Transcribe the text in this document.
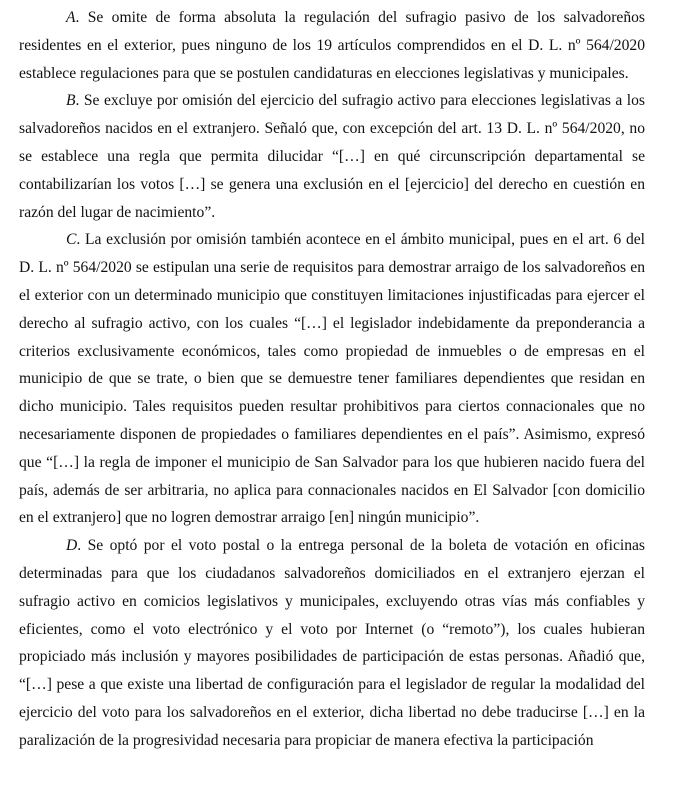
A. Se omite de forma absoluta la regulación del sufragio pasivo de los salvadoreños residentes en el exterior, pues ninguno de los 19 artículos comprendidos en el D. L. nº 564/2020 establece regulaciones para que se postulen candidaturas en elecciones legislativas y municipales.

B. Se excluye por omisión del ejercicio del sufragio activo para elecciones legislativas a los salvadoreños nacidos en el extranjero. Señaló que, con excepción del art. 13 D. L. nº 564/2020, no se establece una regla que permita dilucidar “[…] en qué circunscripción departamental se contabilizarían los votos […] se genera una exclusión en el [ejercicio] del derecho en cuestión en razón del lugar de nacimiento”.

C. La exclusión por omisión también acontece en el ámbito municipal, pues en el art. 6 del D. L. nº 564/2020 se estipulan una serie de requisitos para demostrar arraigo de los salvadoreños en el exterior con un determinado municipio que constituyen limitaciones injustificadas para ejercer el derecho al sufragio activo, con los cuales “[…] el legislador indebidamente da preponderancia a criterios exclusivamente económicos, tales como propiedad de inmuebles o de empresas en el municipio de que se trate, o bien que se demuestre tener familiares dependientes que residan en dicho municipio. Tales requisitos pueden resultar prohibitivos para ciertos connacionales que no necesariamente disponen de propiedades o familiares dependientes en el país”. Asimismo, expresó que “[…] la regla de imponer el municipio de San Salvador para los que hubieren nacido fuera del país, además de ser arbitraria, no aplica para connacionales nacidos en El Salvador [con domicilio en el extranjero] que no logren demostrar arraigo [en] ningún municipio”.

D. Se optó por el voto postal o la entrega personal de la boleta de votación en oficinas determinadas para que los ciudadanos salvadoreños domiciliados en el extranjero ejerzan el sufragio activo en comicios legislativos y municipales, excluyendo otras vías más confiables y eficientes, como el voto electrónico y el voto por Internet (o “remoto”), los cuales hubieran propiciado más inclusión y mayores posibilidades de participación de estas personas. Añadió que, “[…] pese a que existe una libertad de configuración para el legislador de regular la modalidad del ejercicio del voto para los salvadoreños en el exterior, dicha libertad no debe traducirse […] en la paralización de la progresividad necesaria para propiciar de manera efectiva la participación
